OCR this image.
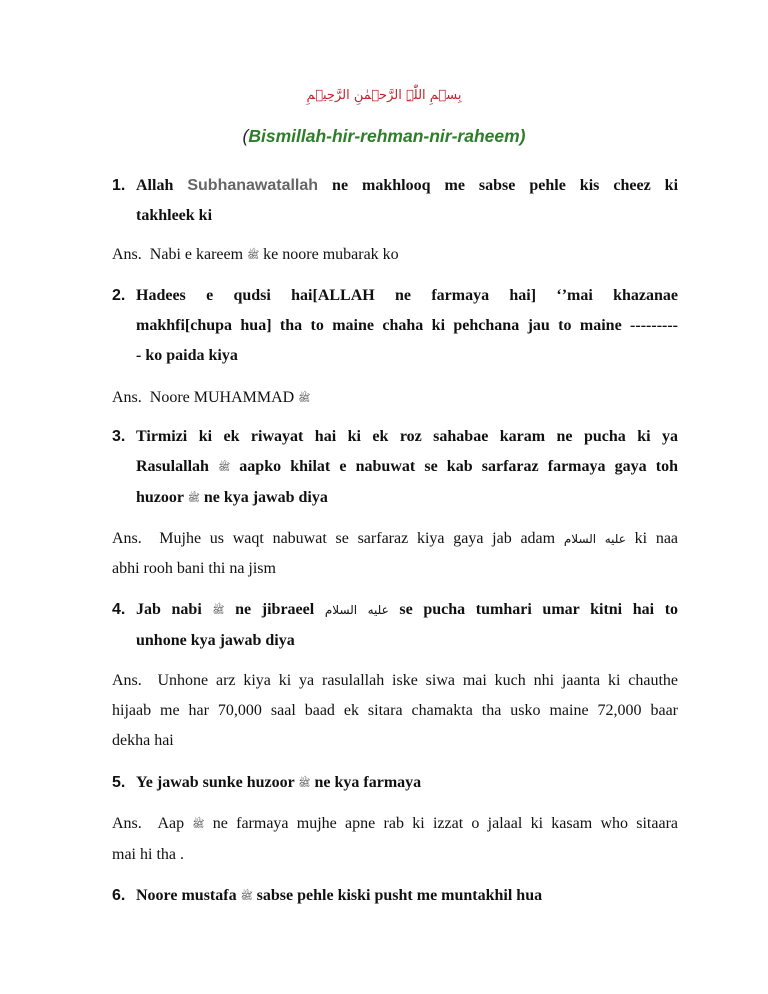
بِسۡمِ اللّٰہِ الرَّحۡمٰنِ الرَّحِیۡمِ
(Bismillah-hir-rehman-nir-raheem)
1. Allah Subhanawatallah ne makhlooq me sabse pehle kis cheez ki
takhleek ki
Ans. Nabi e kareem ﷺ ke noore mubarak ko
2. Hadees e qudsi hai[ALLAH ne farmaya hai] ‘’mai khazanae
makhfi[chupa hua] tha to maine chaha ki pehchana jau to maine ---------
- ko paida kiya
Ans. Noore MUHAMMAD ﷺ
3. Tirmizi ki ek riwayat hai ki ek roz sahabae karam ne pucha ki ya
Rasulallah ﷺ aapko khilat e nabuwat se kab sarfaraz farmaya gaya toh
huzoor ﷺ ne kya jawab diya
Ans. Mujhe us waqt nabuwat se sarfaraz kiya gaya jab adam عليه السلام ki naa
abhi rooh bani thi na jism
4. Jab nabi ﷺ ne jibraeel عليه السلام se pucha tumhari umar kitni hai to
unhone kya jawab diya
Ans. Unhone arz kiya ki ya rasulallah iske siwa mai kuch nhi jaanta ki chauthe
hijaab me har 70,000 saal baad ek sitara chamakta tha usko maine 72,000 baar
dekha hai
5. Ye jawab sunke huzoor ﷺ ne kya farmaya
Ans. Aap ﷺ ne farmaya mujhe apne rab ki izzat o jalaal ki kasam who sitaara
mai hi tha .
6. Noore mustafa ﷺ sabse pehle kiski pusht me muntakhil hua
